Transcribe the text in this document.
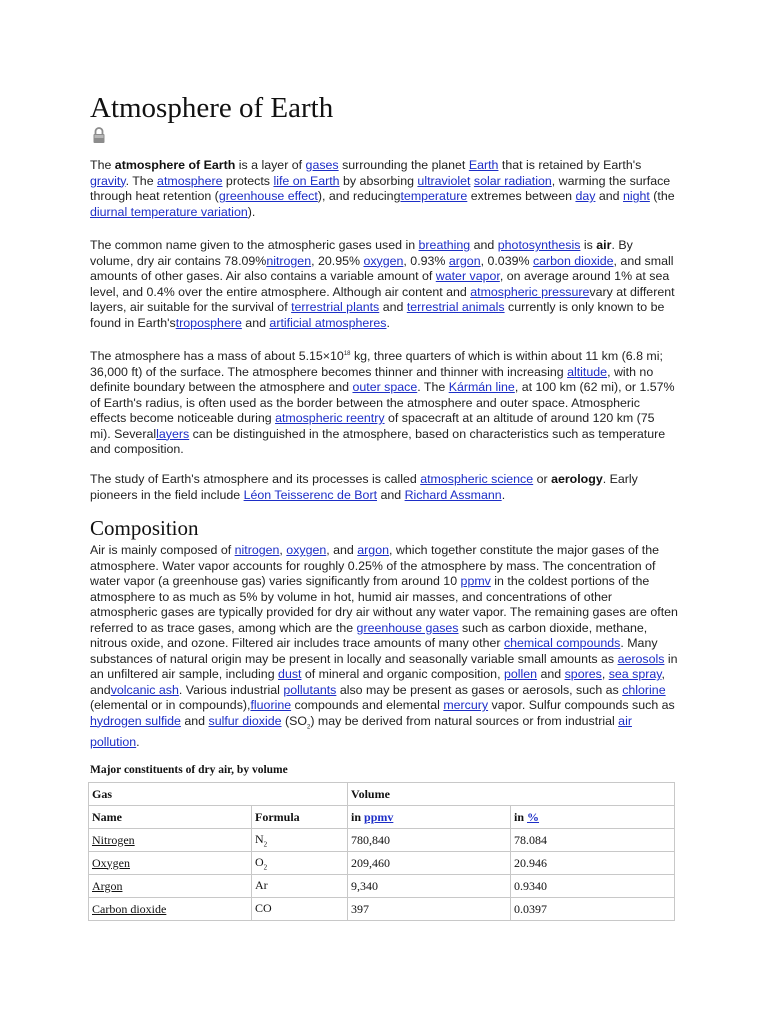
Atmosphere of Earth

The atmosphere of Earth is a layer of gases surrounding the planet Earth that is retained by Earth's gravity. The atmosphere protects life on Earth by absorbing ultraviolet solar radiation, warming the surface through heat retention (greenhouse effect), and reducingtemperature extremes between day and night (the diurnal temperature variation).

The common name given to the atmospheric gases used in breathing and photosynthesis is air. By volume, dry air contains 78.09%nitrogen, 20.95% oxygen, 0.93% argon, 0.039% carbon dioxide, and small amounts of other gases. Air also contains a variable amount of water vapor, on average around 1% at sea level, and 0.4% over the entire atmosphere. Although air content and atmospheric pressurevary at different layers, air suitable for the survival of terrestrial plants and terrestrial animals currently is only known to be found in Earth'stroposphere and artificial atmospheres.

The atmosphere has a mass of about $5.15\times 10^{18}$ kg, three quarters of which is within about 11 km (6.8 mi; 36,000 ft) of the surface. The atmosphere becomes thinner and thinner with increasing altitude, with no definite boundary between the atmosphere and outer space. The Kármán line, at 100 km (62 mi), or 1.57% of Earth's radius, is often used as the border between the atmosphere and outer space. Atmospheric effects become noticeable during atmospheric reentry of spacecraft at an altitude of around 120 km (75 mi). Severallayers can be distinguished in the atmosphere, based on characteristics such as temperature and composition.

The study of Earth's atmosphere and its processes is called atmospheric science or aerology. Early pioneers in the field include Léon Teisserenc de Bort and Richard Assmann.

Composition

Air is mainly composed of nitrogen, oxygen, and argon, which together constitute the major gases of the atmosphere. Water vapor accounts for roughly 0.25% of the atmosphere by mass. The concentration of water vapor (a greenhouse gas) varies significantly from around 10 ppmv in the coldest portions of the atmosphere to as much as 5% by volume in hot, humid air masses, and concentrations of other atmospheric gases are typically provided for dry air without any water vapor. The remaining gases are often referred to as trace gases, among which are the greenhouse gases such as carbon dioxide, methane, nitrous oxide, and ozone. Filtered air includes trace amounts of many other chemical compounds. Many substances of natural origin may be present in locally and seasonally variable small amounts as aerosols in an unfiltered air sample, including dust of mineral and organic composition, pollen and spores, sea spray, andvolcanic ash. Various industrial pollutants also may be present as gases or aerosols, such as chlorine (elemental or in compounds),fluorine compounds and elemental mercury vapor. Sulfur compounds such as hydrogen sulfide and sulfur dioxide $(SO_2)$ may be derived from natural sources or from industrial air pollution.

Major constituents of dry air, by volume
Gas		Volume	
Name	Formula	in ppmv	in %
Nitrogen	$N_2$	780,840	78.084
Oxygen	$O_2$	209,460	20.946
Argon	Ar	9,340	0.9340
Carbon dioxide	CO	397	0.0397
